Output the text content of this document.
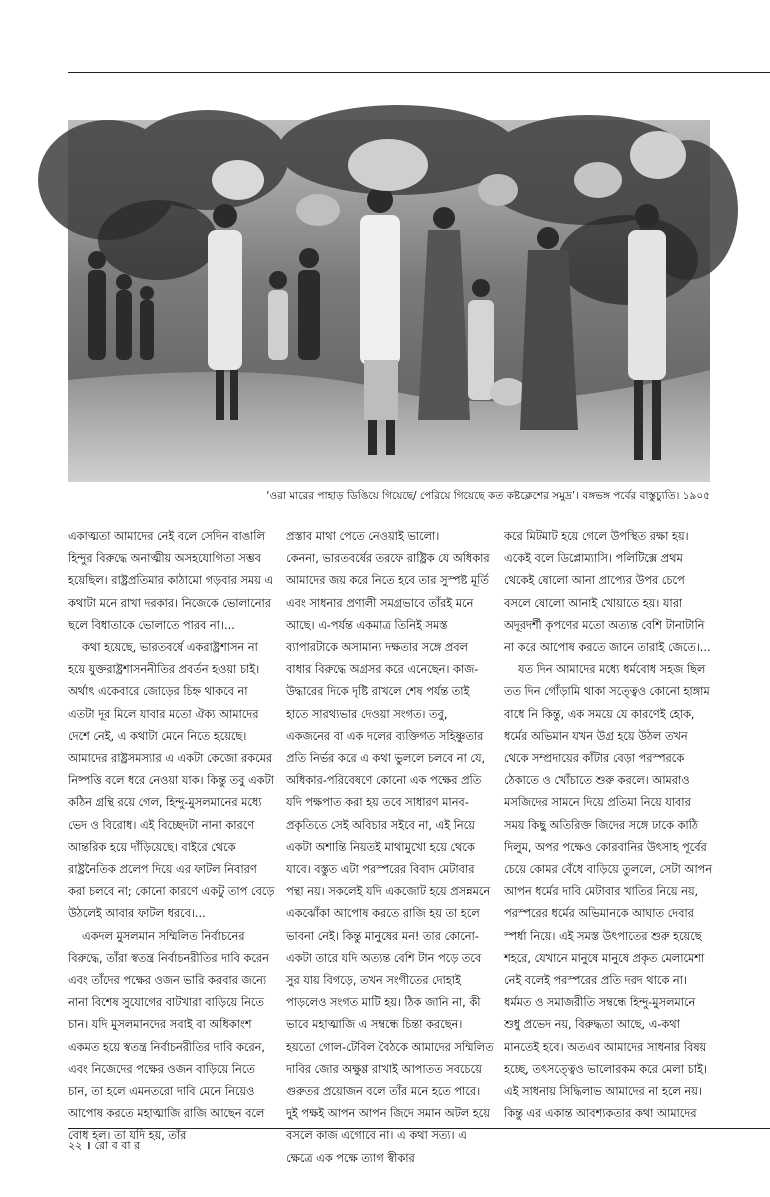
‘ওরা মারের পাহাড় ডিঙিয়ে গিয়েছে/ পেরিয়ে গিয়েছে কত কষ্টক্লেশের সমুদ্র’। বঙ্গভঙ্গ পর্বের বাস্তুচ্যুতি। ১৯০৫

একাত্মতা আমাদের নেই বলে সেদিন বাঙালি হিন্দুর বিরুদ্ধে অনাত্মীয় অসহযোগিতা সম্ভব হয়েছিল। রাষ্ট্রপ্রতিমার কাঠামো গড়বার সময় এ কথাটা মনে রাখা দরকার। নিজেকে ভোলানোর ছলে বিধাতাকে ভোলাতে পারব না।...

কথা হয়েছে, ভারতবর্ষে একরাষ্ট্রশাসন না হয়ে যুক্তরাষ্ট্রশাসননীতির প্রবর্তন হওয়া চাই। অর্থাৎ একেবারে জোড়ের চিহ্ন থাকবে না এতটা দূর মিলে যাবার মতো ঐক্য আমাদের দেশে নেই, এ কথাটা মেনে নিতে হয়েছে। আমাদের রাষ্ট্রসমস্যার এ একটা কেজো রকমের নিষ্পত্তি বলে ধরে নেওয়া যাক। কিন্তু তবু একটা কঠিন গ্রন্থি রয়ে গেল, হিন্দু-মুসলমানের মধ্যে ভেদ ও বিরোধ। এই বিচ্ছেদটা নানা কারণে আন্তরিক হয়ে দাঁড়িয়েছে। বাইরে থেকে রাষ্ট্রনৈতিক প্রলেপ দিয়ে এর ফাটল নিবারণ করা চলবে না; কোনো কারণে একটু তাপ বেড়ে উঠলেই আবার ফাটল ধরবে।...

একদল মুসলমান সম্মিলিত নির্বাচনের বিরুদ্ধে, তাঁরা স্বতন্ত্র নির্বাচনরীতির দাবি করেন এবং তাঁদের পক্ষের ওজন ভারি করবার জন্যে নানা বিশেষ সুযোগের বাটখারা বাড়িয়ে নিতে চান। যদি মুসলমানদের সবাই বা অধিকাংশ একমত হয়ে স্বতন্ত্র নির্বাচনরীতির দাবি করেন, এবং নিজেদের পক্ষের ওজন বাড়িয়ে নিতে চান, তা হলে এমনতরো দাবি মেনে নিয়েও আপোষ করতে মহাত্মাজি রাজি আছেন বলে বোধ হল। তা যদি হয়, তাঁর

প্রস্তাব মাথা পেতে নেওয়াই ভালো।

কেননা, ভারতবর্ষের তরফে রাষ্ট্রিক যে অধিকার আমাদের জয় করে নিতে হবে তার সুস্পষ্ট মূর্তি এবং সাধনার প্রণালী সমগ্রভাবে তাঁরই মনে আছে। এ-পর্যন্ত একমাত্র তিনিই সমস্ত ব্যাপারটাকে অসামান্য দক্ষতার সঙ্গে প্রবল বাধার বিরুদ্ধে অগ্রসর করে এনেছেন। কাজ-উদ্ধারের দিকে দৃষ্টি রাখলে শেষ পর্যন্ত তাই হাতে সারথ্যভার দেওয়া সংগত। তবু, একজনের বা এক দলের ব্যক্তিগত সহিষ্ণুতার প্রতি নির্ভর করে এ কথা ভুললে চলবে না যে, অধিকার-পরিবেষণে কোনো এক পক্ষের প্রতি যদি পক্ষপাত করা হয় তবে সাধারণ মানব-প্রকৃতিতে সেই অবিচার সইবে না, এই নিয়ে একটা অশান্তি নিয়তই মাথামুখো হয়ে থেকে যাবে। বস্তুত এটা পরস্পরের বিবাদ মেটাবার পন্থা নয়। সকলেই যদি একজোট হয়ে প্রসন্নমনে একঝোঁকা আপোষ করতে রাজি হয় তা হলে ভাবনা নেই। কিন্তু মানুষের মন! তার কোনো-একটা তারে যদি অত্যন্ত বেশি টান পড়ে তবে সুর যায় বিগড়ে, তখন সংগীতের দোহাই পাড়লেও সংগত মাটি হয়। ঠিক জানি না, কী ভাবে মহাত্মাজি এ সম্বন্ধে চিন্তা করছেন। হয়তো গোল-টেবিল বৈঠকে আমাদের সম্মিলিত দাবির জোর অক্ষুণ্ণ রাখাই আপাতত সবচেয়ে গুরুতর প্রয়োজন বলে তাঁর মনে হতে পারে। দুই পক্ষই আপন আপন জিদে সমান অটল হয়ে বসলে কাজ এগোবে না। এ কথা সত্য। এ ক্ষেত্রে এক পক্ষে ত্যাগ স্বীকার

করে মিটমাট হয়ে গেলে উপস্থিত রক্ষা হয়। একেই বলে ডিপ্লোম্যাসি। পলিটিক্সে প্রথম থেকেই ষোলো আনা প্রাপ্যের উপর চেপে বসলে ষোলো আনাই খোয়াতে হয়। যারা অদূরদর্শী কৃপণের মতো অত্যন্ত বেশি টানাটানি না করে আপোষ করতে জানে তারাই জেতে।...

যত দিন আমাদের মধ্যে ধর্মবোধ সহজ ছিল তত দিন গোঁড়ামি থাকা সত্ত্বেও কোনো হাঙ্গাম বাধে নি কিন্তু, এক সময়ে যে কারণেই হোক, ধর্মের অভিমান যখন উগ্র হয়ে উঠল তখন থেকে সম্প্রদায়ের কাঁটার বেড়া পরস্পরকে ঠেকাতে ও খোঁচাতে শুরু করলে। আমরাও মসজিদের সামনে দিয়ে প্রতিমা নিয়ে যাবার সময় কিছু অতিরিক্ত জিদের সঙ্গে ঢাকে কাঠি দিলুম, অপর পক্ষেও কোরবানির উৎসাহ পূর্বের চেয়ে কোমর বেঁধে বাড়িয়ে তুললে, সেটা আপন আপন ধর্মের দাবি মেটাবার খাতির নিয়ে নয়, পরস্পরের ধর্মের অভিমানকে আঘাত দেবার স্পর্ধা নিয়ে। এই সমস্ত উৎপাতের শুরু হয়েছে শহরে, যেখানে মানুষে মানুষে প্রকৃত মেলামেশা নেই বলেই পরস্পরের প্রতি দরদ থাকে না।

ধর্মমত ও সমাজরীতি সম্বন্ধে হিন্দু-মুসলমানে শুধু প্রভেদ নয়, বিরুদ্ধতা আছে, এ-কথা মানতেই হবে। অতএব আমাদের সাধনার বিষয় হচ্ছে, তৎসত্ত্বেও ভালোরকম করে মেলা চাই। এই সাধনায় সিদ্ধিলাভ আমাদের না হলে নয়। কিন্তু এর একান্ত আবশ্যকতার কথা আমাদের

২২ । রো ব বা র
